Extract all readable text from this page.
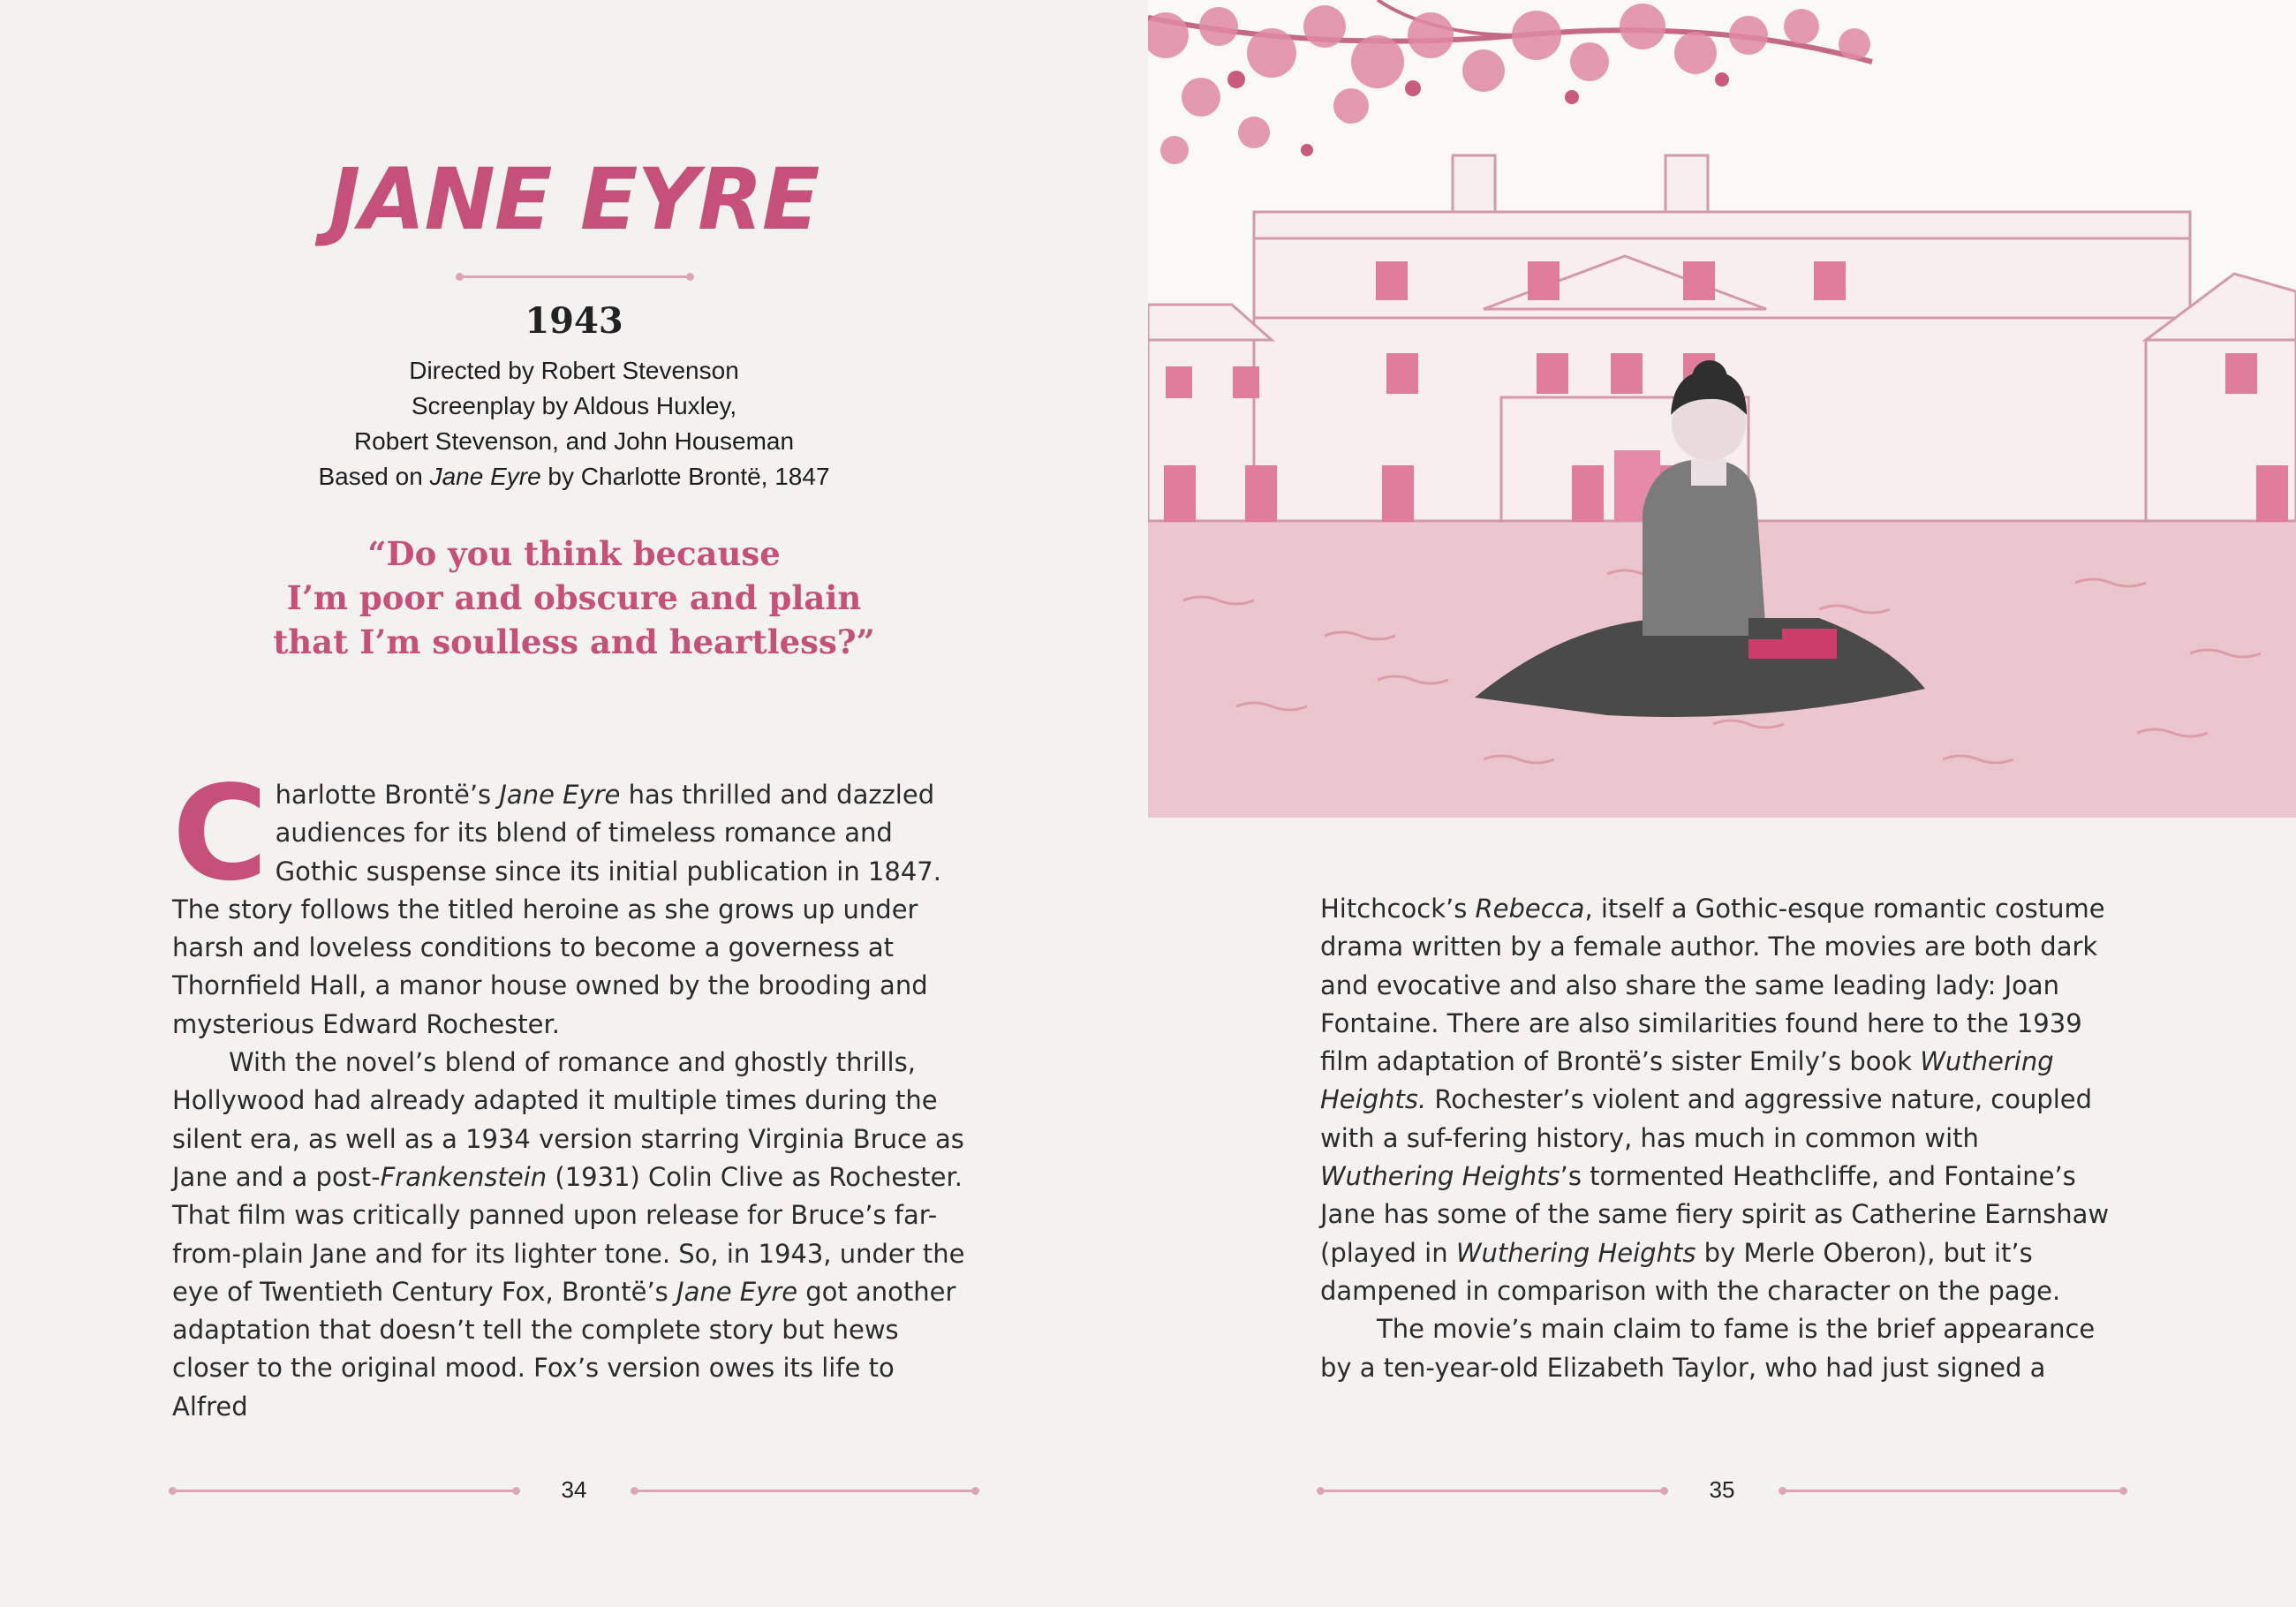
JANE EYRE
1943
Directed by Robert Stevenson
Screenplay by Aldous Huxley,
Robert Stevenson, and John Houseman
Based on Jane Eyre by Charlotte Brontë, 1847
“Do you think because
I’m poor and obscure and plain
that I’m soulless and heartless?”

Charlotte Brontë’s Jane Eyre has thrilled and dazzled audiences for its blend of timeless romance and Gothic suspense since its initial publication in 1847. The story follows the titled heroine as she grows up under harsh and loveless conditions to become a governess at Thornfield Hall, a manor house owned by the brooding and mysterious Edward Rochester.

With the novel’s blend of romance and ghostly thrills, Hollywood had already adapted it multiple times during the silent era, as well as a 1934 version starring Virginia Bruce as Jane and a post-Frankenstein (1931) Colin Clive as Rochester. That film was critically panned upon release for Bruce’s far-from-plain Jane and for its lighter tone. So, in 1943, under the eye of Twentieth Century Fox, Brontë’s Jane Eyre got another adaptation that doesn’t tell the complete story but hews closer to the original mood. Fox’s version owes its life to Alfred

34

Hitchcock’s Rebecca, itself a Gothic-esque romantic costume drama written by a female author. The movies are both dark and evocative and also share the same leading lady: Joan Fontaine. There are also similarities found here to the 1939 film adaptation of Brontë’s sister Emily’s book Wuthering Heights. Rochester’s violent and aggressive nature, coupled with a suf-fering history, has much in common with Wuthering Heights’s tormented Heathcliffe, and Fontaine’s Jane has some of the same fiery spirit as Catherine Earnshaw (played in Wuthering Heights by Merle Oberon), but it’s dampened in comparison with the character on the page.

The movie’s main claim to fame is the brief appearance by a ten-year-old Elizabeth Taylor, who had just signed a

35
